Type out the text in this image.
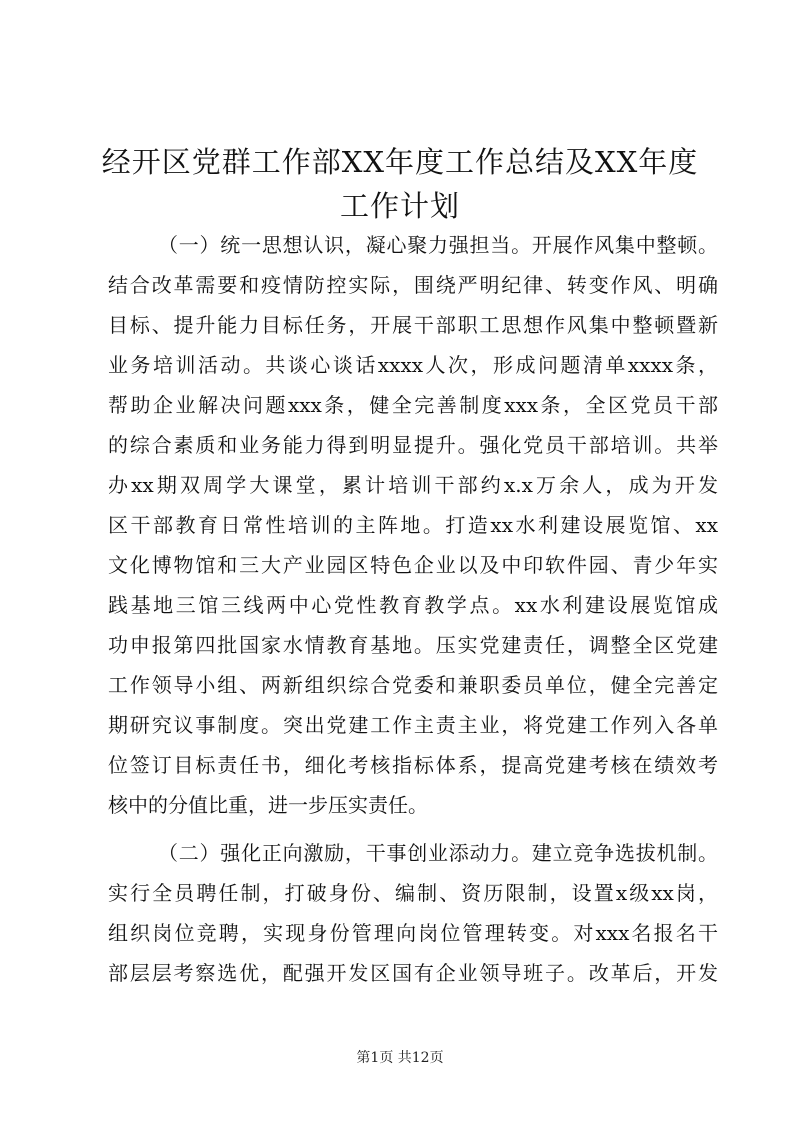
经开区党群工作部XX年度工作总结及XX年度
工作计划
（一）统一思想认识，凝心聚力强担当。开展作风集中整顿。
结合改革需要和疫情防控实际，围绕严明纪律、转变作风、明确
目标、提升能力目标任务，开展干部职工思想作风集中整顿暨新
业务培训活动。共谈心谈话xxxx人次，形成问题清单xxxx条，
帮助企业解决问题xxx条，健全完善制度xxx条，全区党员干部
的综合素质和业务能力得到明显提升。强化党员干部培训。共举
办xx期双周学大课堂，累计培训干部约x.x万余人，成为开发
区干部教育日常性培训的主阵地。打造xx水利建设展览馆、xx
文化博物馆和三大产业园区特色企业以及中印软件园、青少年实
践基地三馆三线两中心党性教育教学点。xx水利建设展览馆成
功申报第四批国家水情教育基地。压实党建责任，调整全区党建
工作领导小组、两新组织综合党委和兼职委员单位，健全完善定
期研究议事制度。突出党建工作主责主业，将党建工作列入各单
位签订目标责任书，细化考核指标体系，提高党建考核在绩效考
核中的分值比重，进一步压实责任。
（二）强化正向激励，干事创业添动力。建立竞争选拔机制。
实行全员聘任制，打破身份、编制、资历限制，设置x级xx岗，
组织岗位竞聘，实现身份管理向岗位管理转变。对xxx名报名干
部层层考察选优，配强开发区国有企业领导班子。改革后，开发
第1页 共12页
